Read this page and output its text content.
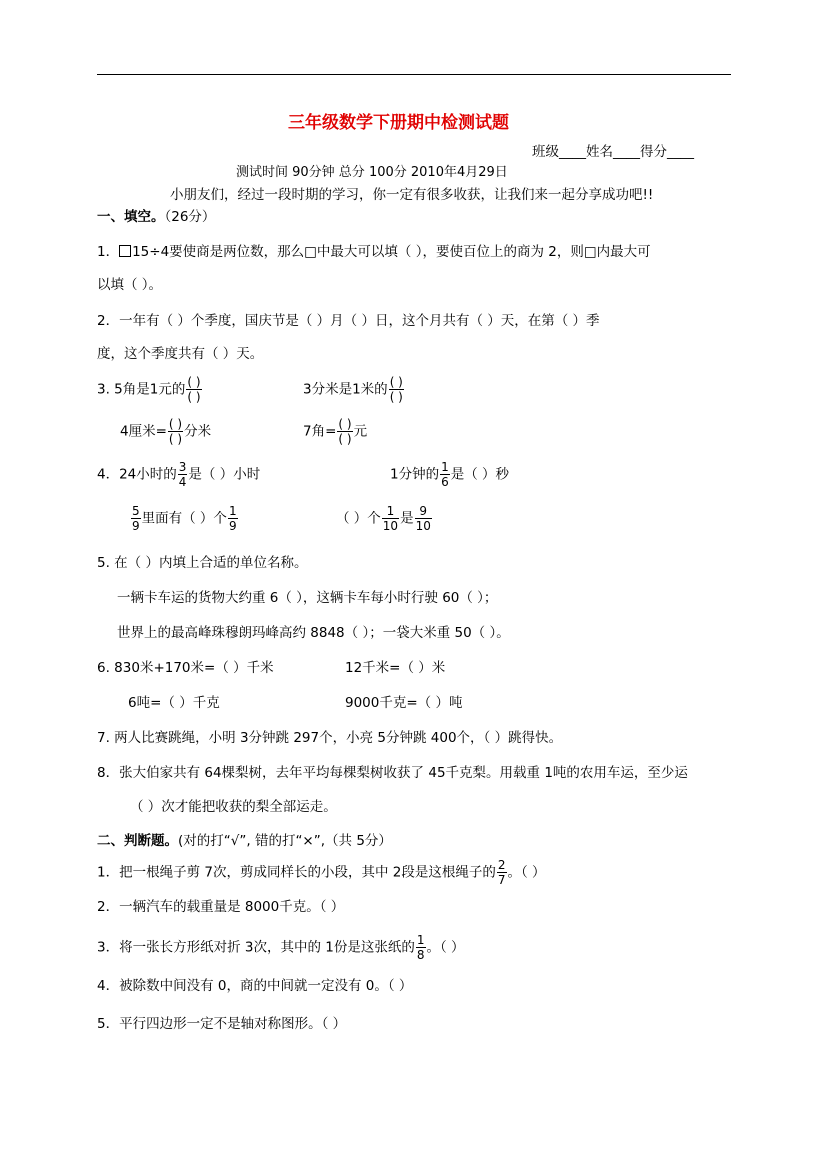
三年级数学下册期中检测试题
班级____姓名____得分____
测试时间 90分钟 总分 100分 2010年4月29日
小朋友们，经过一段时期的学习，你一定有很多收获，让我们来一起分享成功吧!!
一、填空。（26分）
1． 15÷4要使商是两位数，那么□中最大可以填（ ），要使百位上的商为 2，则□内最大可
以填（ ）。
2．一年有（ ）个季度，国庆节是（ ）月（ ）日，这个月共有（ ）天，在第（ ）季
度，这个季度共有（ ）天。
3. 5角是1元的 $\frac{( )}{( )}$	3分米是1米的 $\frac{( )}{( )}$
4厘米= $\frac{( )}{( )}$ 分米	7角= $\frac{( )}{( )}$ 元
4．24小时的 $\frac{3}{4}$ 是（ ）小时	1分钟的 $\frac{1}{6}$ 是（ ）秒
$\frac{5}{9}$ 里面有（ ）个 $\frac{1}{9}$	（ ）个 $\frac{1}{10}$ 是 $\frac{9}{10}$
5. 在（ ）内填上合适的单位名称。
一辆卡车运的货物大约重 6（ ），这辆卡车每小时行驶 60（ ）；
世界上的最高峰珠穆朗玛峰高约 8848（ ）；一袋大米重 50（ ）。
6. 830米+170米=（ ）千米	12千米=（ ）米
6吨=（ ）千克	9000千克=（ ）吨
7. 两人比赛跳绳，小明 3分钟跳 297个，小亮 5分钟跳 400个，（ ）跳得快。
8．张大伯家共有 64棵梨树，去年平均每棵梨树收获了 45千克梨。用载重 1吨的农用车运，至少运
（ ）次才能把收获的梨全部运走。
二、判断题。(对的打“√”, 错的打“×”,（共 5分）
1．把一根绳子剪 7次，剪成同样长的小段，其中 2段是这根绳子的 $\frac{2}{7}$ 。（ ）
2．一辆汽车的载重量是 8000千克。（ ）
3．将一张长方形纸对折 3次，其中的 1份是这张纸的 $\frac{1}{8}$ 。（ ）
4．被除数中间没有 0，商的中间就一定没有 0。（ ）
5．平行四边形一定不是轴对称图形。（ ）
